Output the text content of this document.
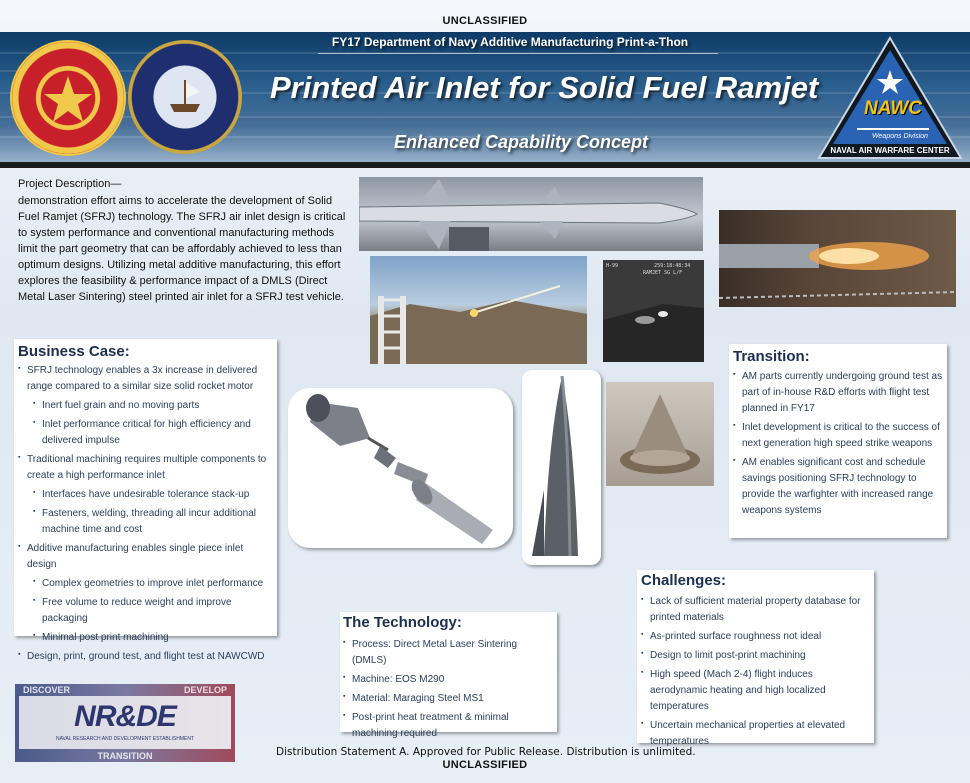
UNCLASSIFIED
FY17 Department of Navy Additive Manufacturing Print-a-Thon
Printed Air Inlet for Solid Fuel Ramjet
Enhanced Capability Concept
NAWC
Weapons Division
NAVAL AIR WARFARE CENTER
Project Description—
demonstration effort aims to accelerate the development of Solid Fuel Ramjet (SFRJ) technology. The SFRJ air inlet design is critical to system performance and conventional manufacturing methods limit the part geometry that can be affordably achieved to less than optimum designs. Utilizing metal additive manufacturing, this effort explores the feasibility & performance impact of a DMLS (Direct Metal Laser Sintering) steel printed air inlet for a SFRJ test vehicle.
H-99            259:18:48:34
RAMJET SG L/F
Business Case:
▪ SFRJ technology enables a 3x increase in delivered range compared to a similar size solid rocket motor
▪ Inert fuel grain and no moving parts
▪ Inlet performance critical for high efficiency and delivered impulse
▪ Traditional machining requires multiple components to create a high performance inlet
▪ Interfaces have undesirable tolerance stack-up
▪ Fasteners, welding, threading all incur additional machine time and cost
▪ Additive manufacturing enables single piece inlet design
▪ Complex geometries to improve inlet performance
▪ Free volume to reduce weight and improve packaging
▪ Minimal post print machining
▪ Design, print, ground test, and flight test at NAWCWD
Transition:
▪ AM parts currently undergoing ground test as part of in-house R&D efforts with flight test planned in FY17
▪ Inlet development is critical to the success of next generation high speed strike weapons
▪ AM enables significant cost and schedule savings positioning SFRJ technology to provide the warfighter with increased range weapons systems
Challenges:
▪ Lack of sufficient material property database for printed materials
▪ As-printed surface roughness not ideal
▪ Design to limit post-print machining
▪ High speed (Mach 2-4) flight induces aerodynamic heating and high localized temperatures
▪ Uncertain mechanical properties at elevated temperatures
The Technology:
▪ Process: Direct Metal Laser Sintering (DMLS)
▪ Machine: EOS M290
▪ Material: Maraging Steel MS1
▪ Post-print heat treatment & minimal machining required
DISCOVER	DEVELOP
NR&DE
NAVAL RESEARCH AND DEVELOPMENT ESTABLISHMENT
TRANSITION	Distribution Statement A. Approved for Public Release. Distribution is unlimited.
UNCLASSIFIED
